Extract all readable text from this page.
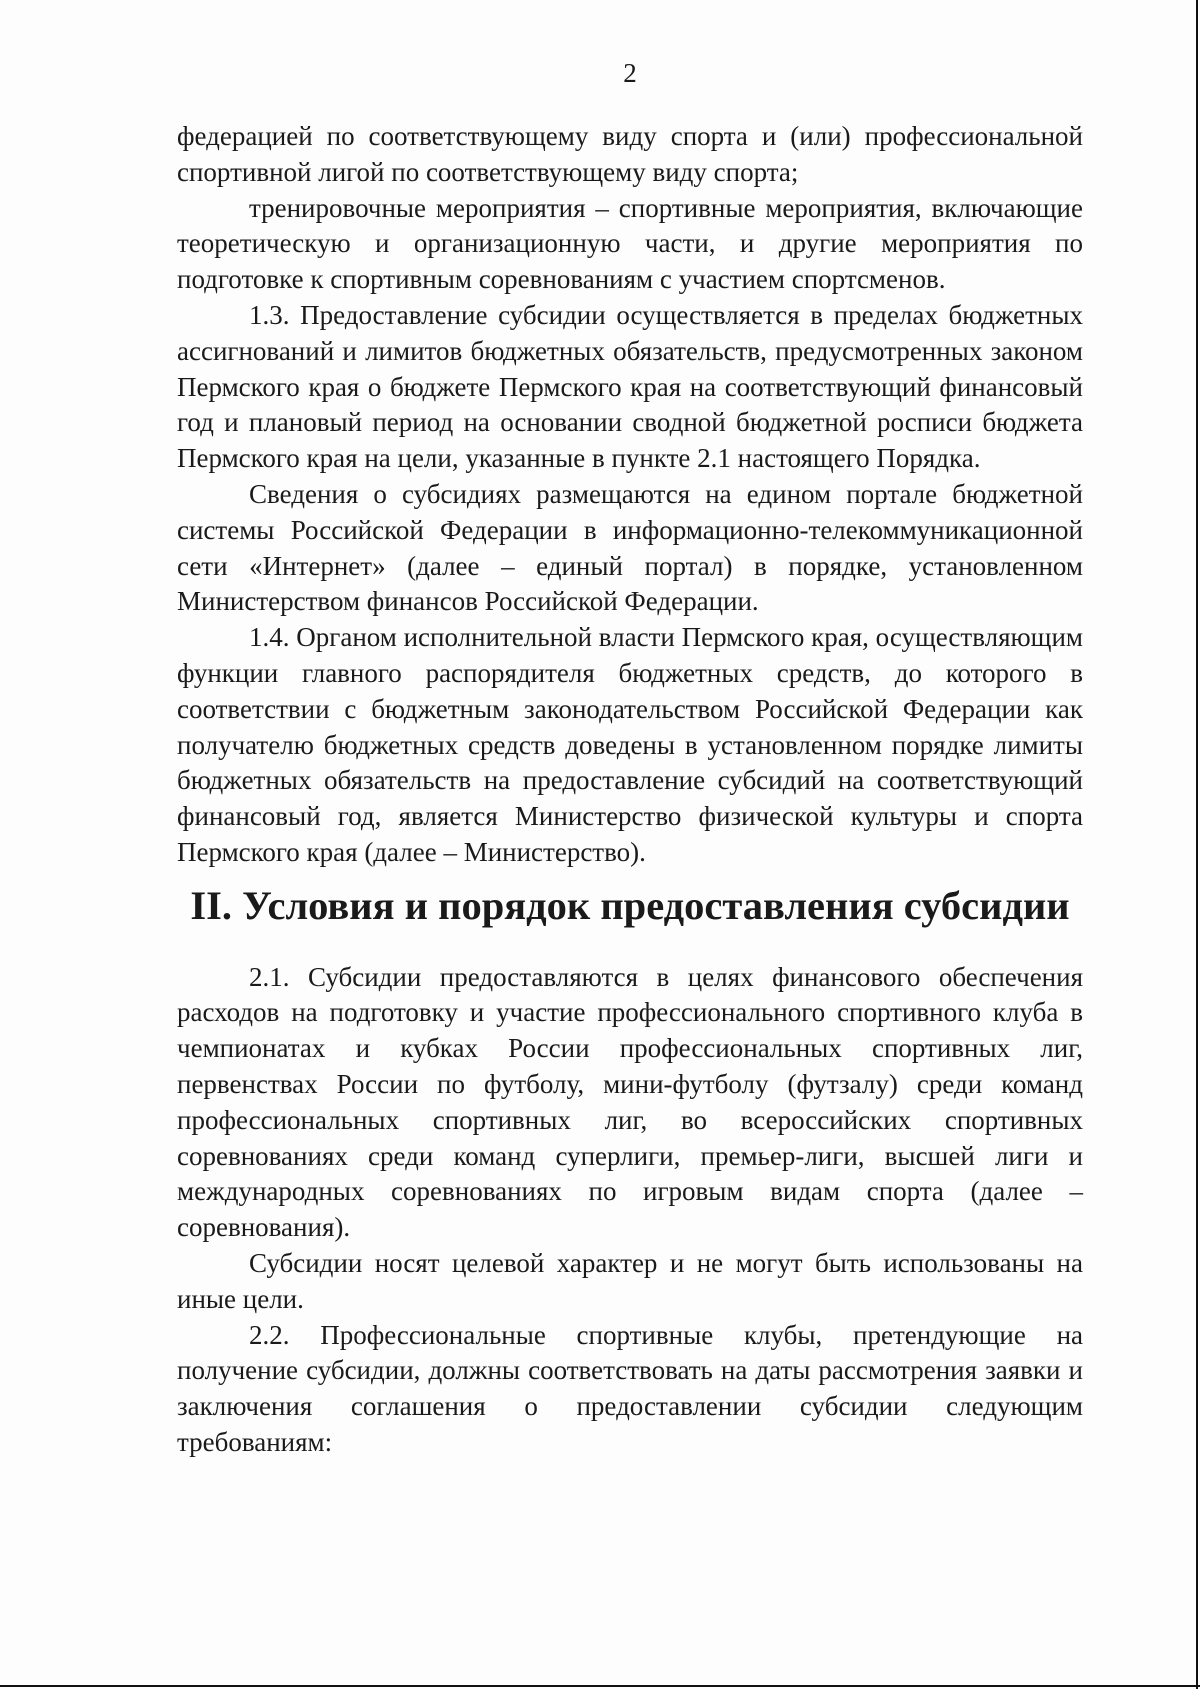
2

федерацией по соответствующему виду спорта и (или) профессиональной спортивной лигой по соответствующему виду спорта;

тренировочные мероприятия – спортивные мероприятия, включающие теоретическую и организационную части, и другие мероприятия по подготовке к спортивным соревнованиям с участием спортсменов.

1.3. Предоставление субсидии осуществляется в пределах бюджетных ассигнований и лимитов бюджетных обязательств, предусмотренных законом Пермского края о бюджете Пермского края на соответствующий финансовый год и плановый период на основании сводной бюджетной росписи бюджета Пермского края на цели, указанные в пункте 2.1 настоящего Порядка.

Сведения о субсидиях размещаются на едином портале бюджетной системы Российской Федерации в информационно-телекоммуникационной сети «Интернет» (далее – единый портал) в порядке, установленном Министерством финансов Российской Федерации.

1.4. Органом исполнительной власти Пермского края, осуществляющим функции главного распорядителя бюджетных средств, до которого в соответствии с бюджетным законодательством Российской Федерации как получателю бюджетных средств доведены в установленном порядке лимиты бюджетных обязательств на предоставление субсидий на соответствующий финансовый год, является Министерство физической культуры и спорта Пермского края (далее – Министерство).

II. Условия и порядок предоставления субсидии

2.1. Субсидии предоставляются в целях финансового обеспечения расходов на подготовку и участие профессионального спортивного клуба в чемпионатах и кубках России профессиональных спортивных лиг, первенствах России по футболу, мини-футболу (футзалу) среди команд профессиональных спортивных лиг, во всероссийских спортивных соревнованиях среди команд суперлиги, премьер-лиги, высшей лиги и международных соревнованиях по игровым видам спорта (далее – соревнования).

Субсидии носят целевой характер и не могут быть использованы на иные цели.

2.2. Профессиональные спортивные клубы, претендующие на получение субсидии, должны соответствовать на даты рассмотрения заявки и заключения соглашения о предоставлении субсидии следующим требованиям:
